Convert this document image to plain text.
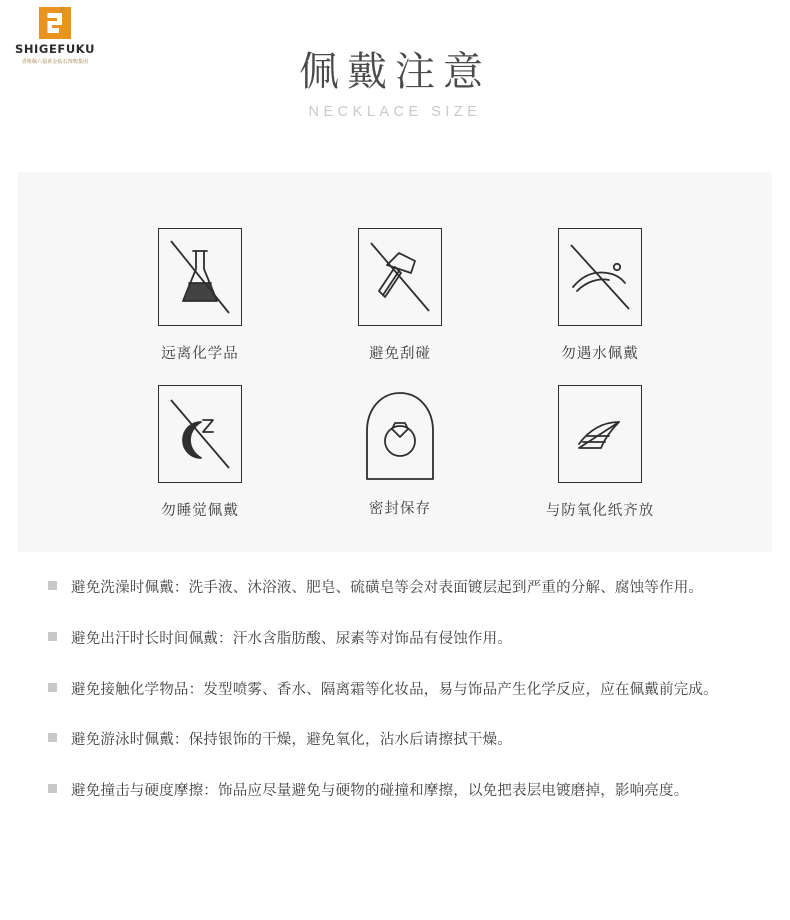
®
SHIGEFUKU
香格佩六福黄金钻石饰物集团	佩戴注意
NECKLACE SIZE
远离化学品	避免刮碰	勿遇水佩戴
勿睡觉佩戴	密封保存	与防氧化纸齐放
避免洗澡时佩戴：洗手液、沐浴液、肥皂、硫磺皂等会对表面镀层起到严重的分解、腐蚀等作用。
避免出汗时长时间佩戴：汗水含脂肪酸、尿素等对饰品有侵蚀作用。
避免接触化学物品：发型喷雾、香水、隔离霜等化妆品，易与饰品产生化学反应，应在佩戴前完成。
避免游泳时佩戴：保持银饰的干燥，避免氧化，沾水后请擦拭干燥。
避免撞击与硬度摩擦：饰品应尽量避免与硬物的碰撞和摩擦，以免把表层电镀磨掉，影响亮度。
